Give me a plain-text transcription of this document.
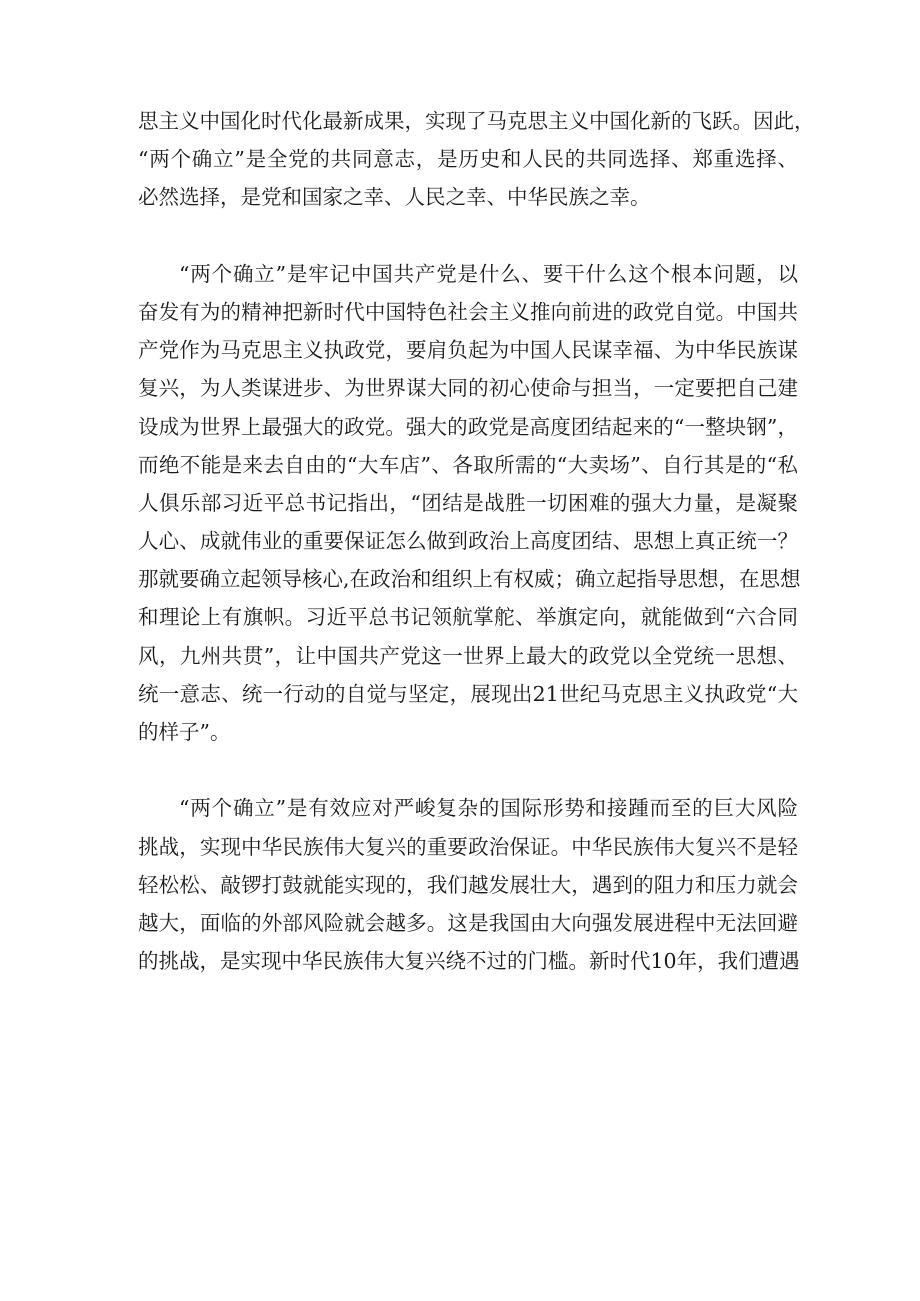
思主义中国化时代化最新成果，实现了马克思主义中国化新的飞跃。因此，
“两个确立”是全党的共同意志，是历史和人民的共同选择、郑重选择、
必然选择，是党和国家之幸、人民之幸、中华民族之幸。
“两个确立”是牢记中国共产党是什么、要干什么这个根本问题，以
奋发有为的精神把新时代中国特色社会主义推向前进的政党自觉。中国共
产党作为马克思主义执政党，要肩负起为中国人民谋幸福、为中华民族谋
复兴，为人类谋进步、为世界谋大同的初心使命与担当，一定要把自己建
设成为世界上最强大的政党。强大的政党是高度团结起来的“一整块钢”，
而绝不能是来去自由的“大车店”、各取所需的“大卖场”、自行其是的“私
人俱乐部习近平总书记指出，“团结是战胜一切困难的强大力量，是凝聚
人心、成就伟业的重要保证怎么做到政治上高度团结、思想上真正统一？
那就要确立起领导核心,在政治和组织上有权威；确立起指导思想，在思想
和理论上有旗帜。习近平总书记领航掌舵、举旗定向，就能做到“六合同
风，九州共贯”，让中国共产党这一世界上最大的政党以全党统一思想、
统一意志、统一行动的自觉与坚定，展现出21世纪马克思主义执政党“大
的样子”。
“两个确立”是有效应对严峻复杂的国际形势和接踵而至的巨大风险
挑战，实现中华民族伟大复兴的重要政治保证。中华民族伟大复兴不是轻
轻松松、敲锣打鼓就能实现的，我们越发展壮大，遇到的阻力和压力就会
越大，面临的外部风险就会越多。这是我国由大向强发展进程中无法回避
的挑战，是实现中华民族伟大复兴绕不过的门槛。新时代10年，我们遭遇
